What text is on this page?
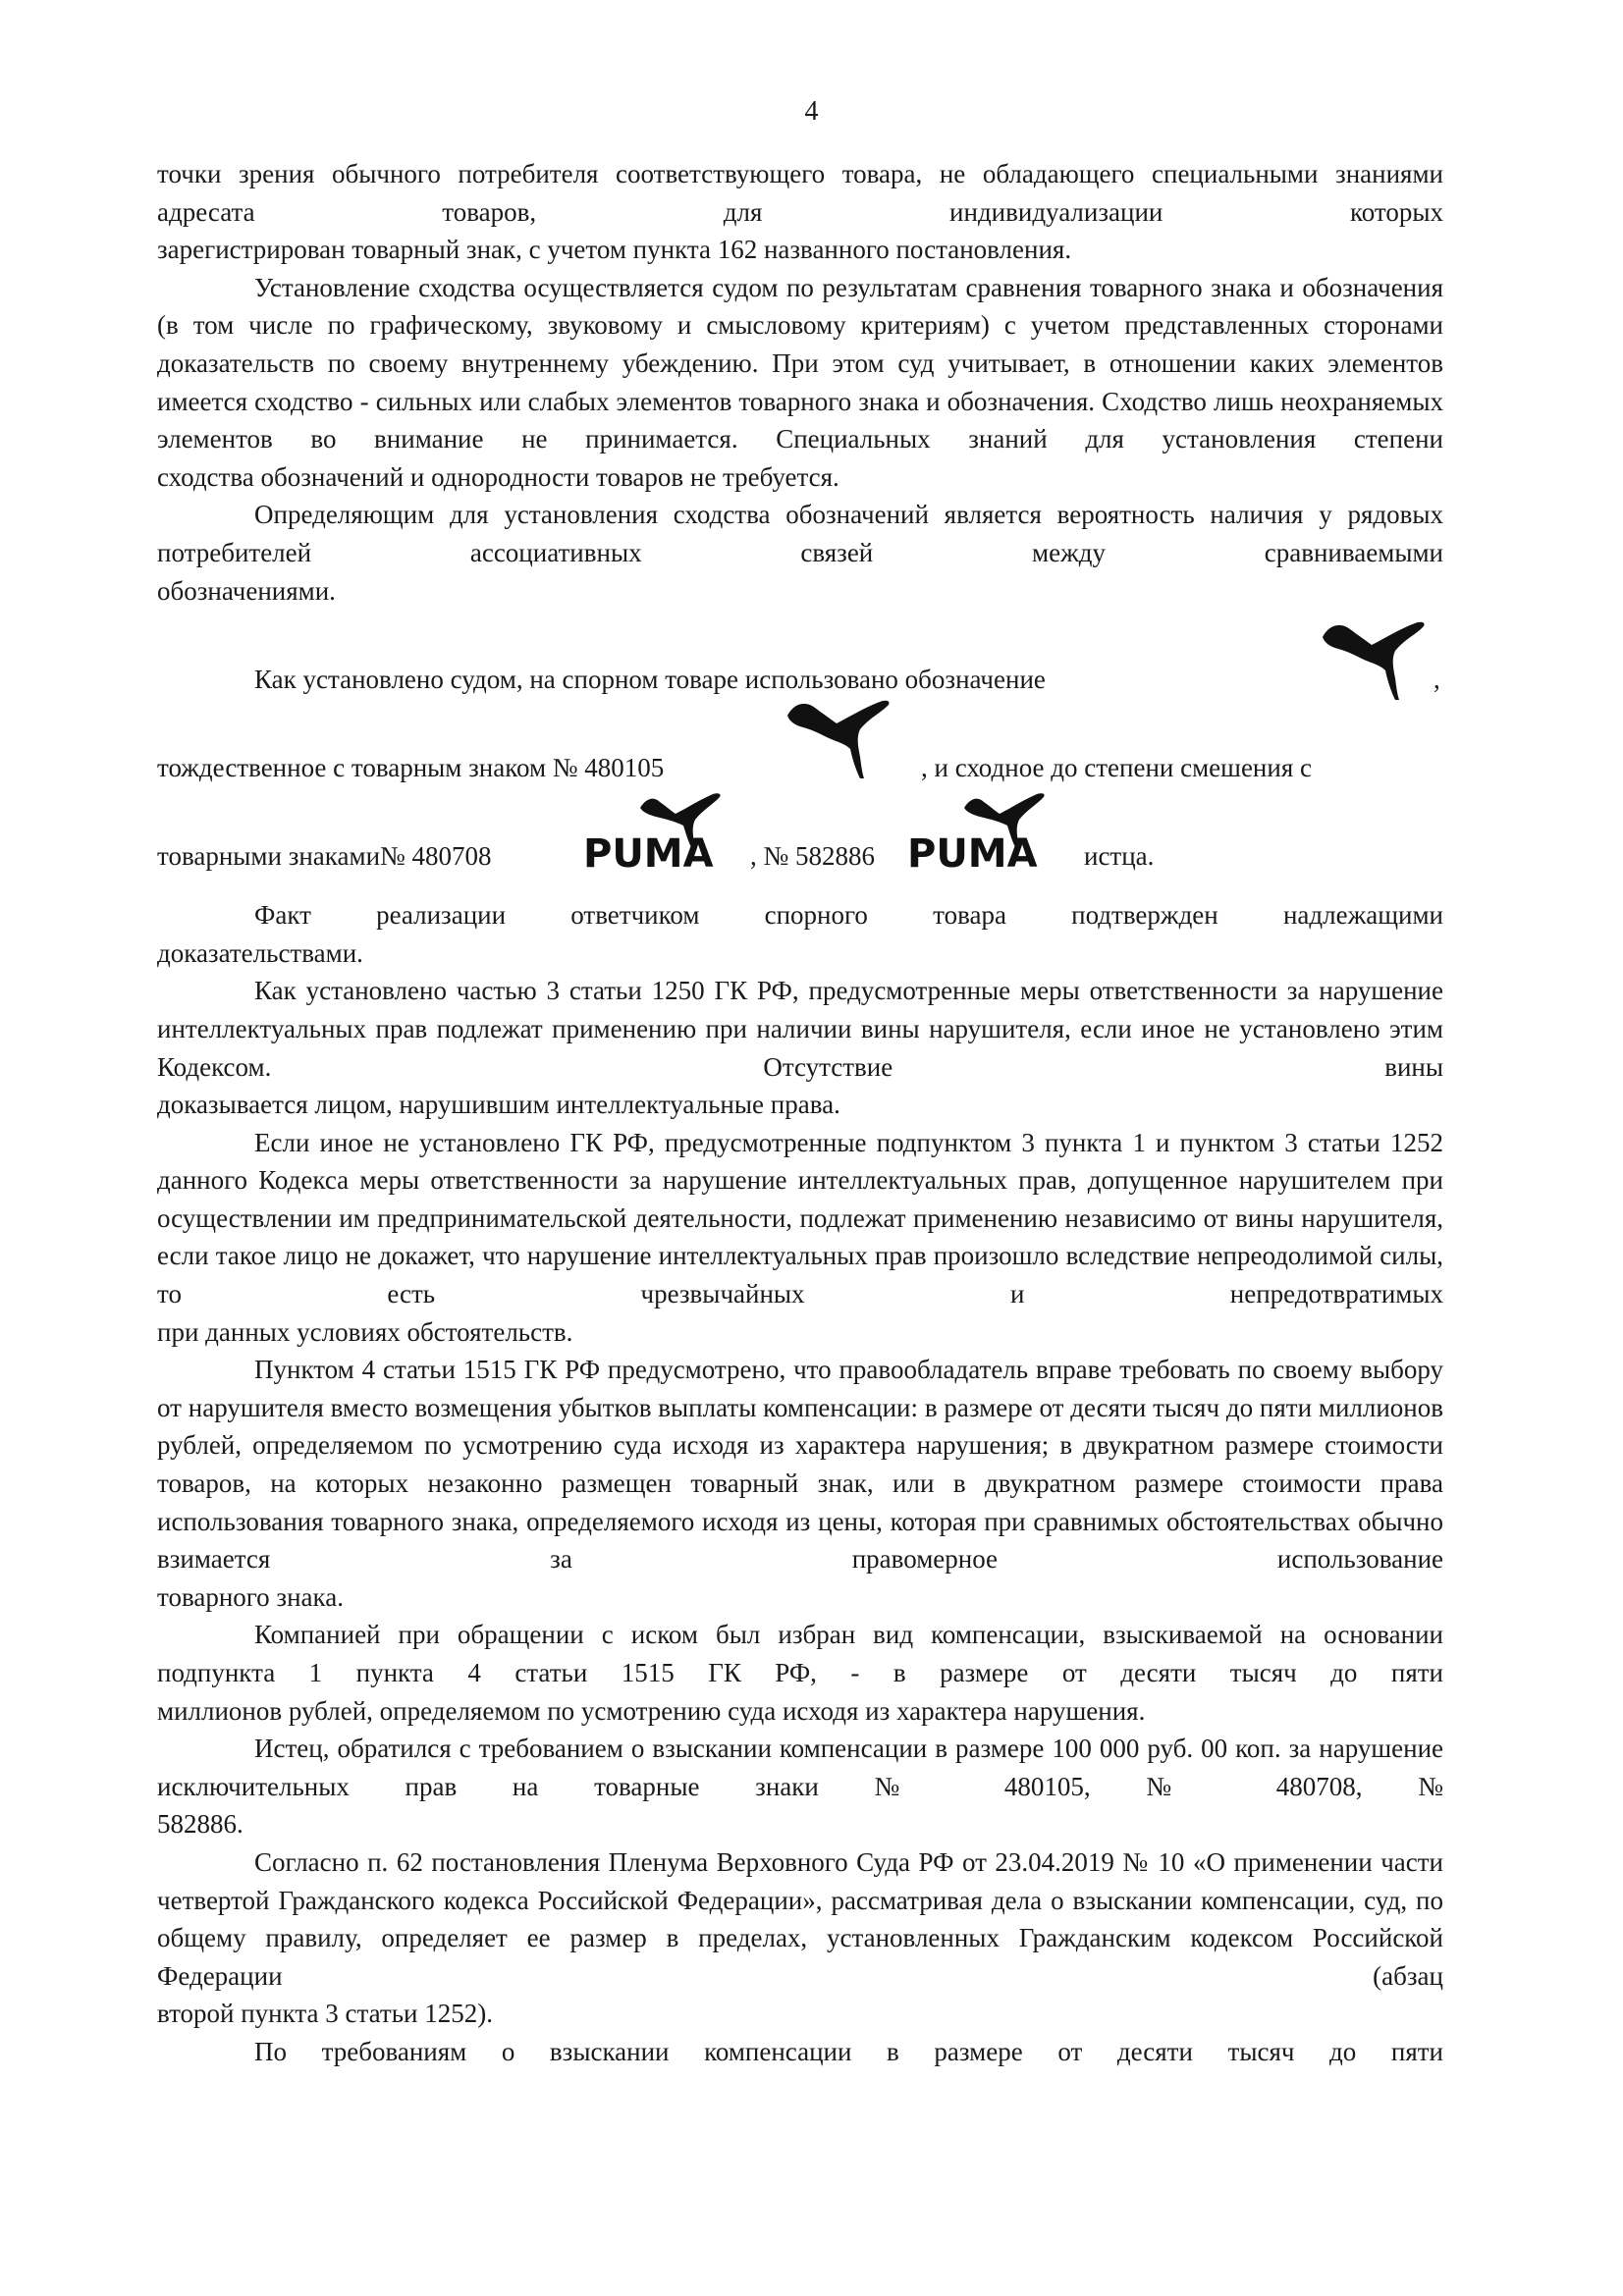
4

точки зрения обычного потребителя соответствующего товара, не обладающего специальными знаниями адресата товаров, для индивидуализации которых

зарегистрирован товарный знак, с учетом пункта 162 названного постановления.

Установление сходства осуществляется судом по результатам сравнения товарного знака и обозначения (в том числе по графическому, звуковому и смысловому критериям) с учетом представленных сторонами доказательств по своему внутреннему убеждению. При этом суд учитывает, в отношении каких элементов имеется сходство - сильных или слабых элементов товарного знака и обозначения. Сходство лишь неохраняемых элементов во внимание не принимается. Специальных знаний для установления степени

сходства обозначений и однородности товаров не требуется.

Определяющим для установления сходства обозначений является вероятность наличия у рядовых потребителей ассоциативных связей между сравниваемыми

обозначениями.

Как установлено судом, на спорном товаре использовано обозначение	,
тождественное с товарным знаком № 480105	, и сходное до степени смешения с
товарными знаками№ 480708 PUMA , № 582886 PUMA истца.

Факт реализации ответчиком спорного товара подтвержден надлежащими

доказательствами.

Как установлено частью 3 статьи 1250 ГК РФ, предусмотренные меры ответственности за нарушение интеллектуальных прав подлежат применению при наличии вины нарушителя, если иное не установлено этим Кодексом. Отсутствие вины

доказывается лицом, нарушившим интеллектуальные права.

Если иное не установлено ГК РФ, предусмотренные подпунктом 3 пункта 1 и пунктом 3 статьи 1252 данного Кодекса меры ответственности за нарушение интеллектуальных прав, допущенное нарушителем при осуществлении им предпринимательской деятельности, подлежат применению независимо от вины нарушителя, если такое лицо не докажет, что нарушение интеллектуальных прав произошло вследствие непреодолимой силы, то есть чрезвычайных и непредотвратимых

при данных условиях обстоятельств.

Пунктом 4 статьи 1515 ГК РФ предусмотрено, что правообладатель вправе требовать по своему выбору от нарушителя вместо возмещения убытков выплаты компенсации: в размере от десяти тысяч до пяти миллионов рублей, определяемом по усмотрению суда исходя из характера нарушения; в двукратном размере стоимости товаров, на которых незаконно размещен товарный знак, или в двукратном размере стоимости права использования товарного знака, определяемого исходя из цены, которая при сравнимых обстоятельствах обычно взимается за правомерное использование

товарного знака.

Компанией при обращении с иском был избран вид компенсации, взыскиваемой на основании подпункта 1 пункта 4 статьи 1515 ГК РФ, - в размере от десяти тысяч до пяти

миллионов рублей, определяемом по усмотрению суда исходя из характера нарушения.

Истец, обратился с требованием о взыскании компенсации в размере 100 000 руб. 00 коп. за нарушение исключительных прав на товарные знаки № 480105, № 480708, №

582886.

Согласно п. 62 постановления Пленума Верховного Суда РФ от 23.04.2019 № 10 «О применении части четвертой Гражданского кодекса Российской Федерации», рассматривая дела о взыскании компенсации, суд, по общему правилу, определяет ее размер в пределах, установленных Гражданским кодексом Российской Федерации (абзац

второй пункта 3 статьи 1252).

По требованиям о взыскании компенсации в размере от десяти тысяч до пяти
